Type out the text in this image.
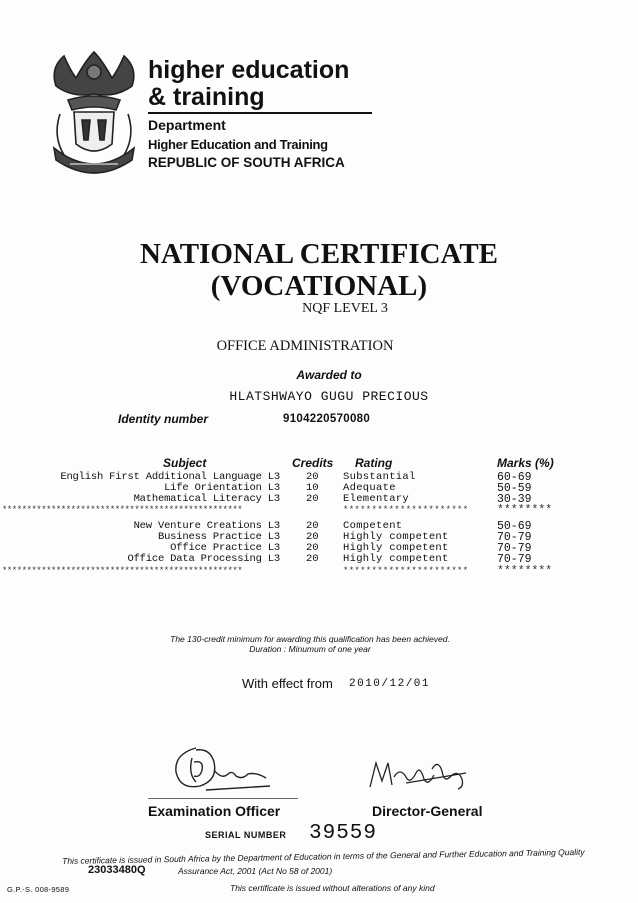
higher education
& training
Department
Higher Education and Training
REPUBLIC OF SOUTH AFRICA
NATIONAL CERTIFICATE
(VOCATIONAL)
NQF LEVEL 3
OFFICE ADMINISTRATION
Awarded to
HLATSHWAYO GUGU PRECIOUS
Identity number	9104220570080
Subject	Credits Rating	Marks (%)
English First Additional Language L3 20 Substantial	60-69
Life Orientation L3 10 Adequate	50-59
Mathematical Literacy L3 20 Elementary	30-39
*************************************************	********************** ********
New Venture Creations L3 20 Competent	50-69
Business Practice L3 20 Highly competent	70-79
Office Practice L3 20 Highly competent	70-79
Office Data Processing L3 20 Highly competent	70-79
*************************************************	********************** ********
The 130-credit minimum for awarding this qualification has been achieved.
Duration : Minumum of one year
With effect from 2010/12/01
Examination Officer	Director-General
SERIAL NUMBER 39559
This certificate is issued in South Africa by the Department of Education in terms of the General and Further Education and Training Quality
23033480Q	Assurance Act, 2001 (Act No 58 of 2001)
G.P.-S. 008-9589	This certificate is issued without alterations of any kind
